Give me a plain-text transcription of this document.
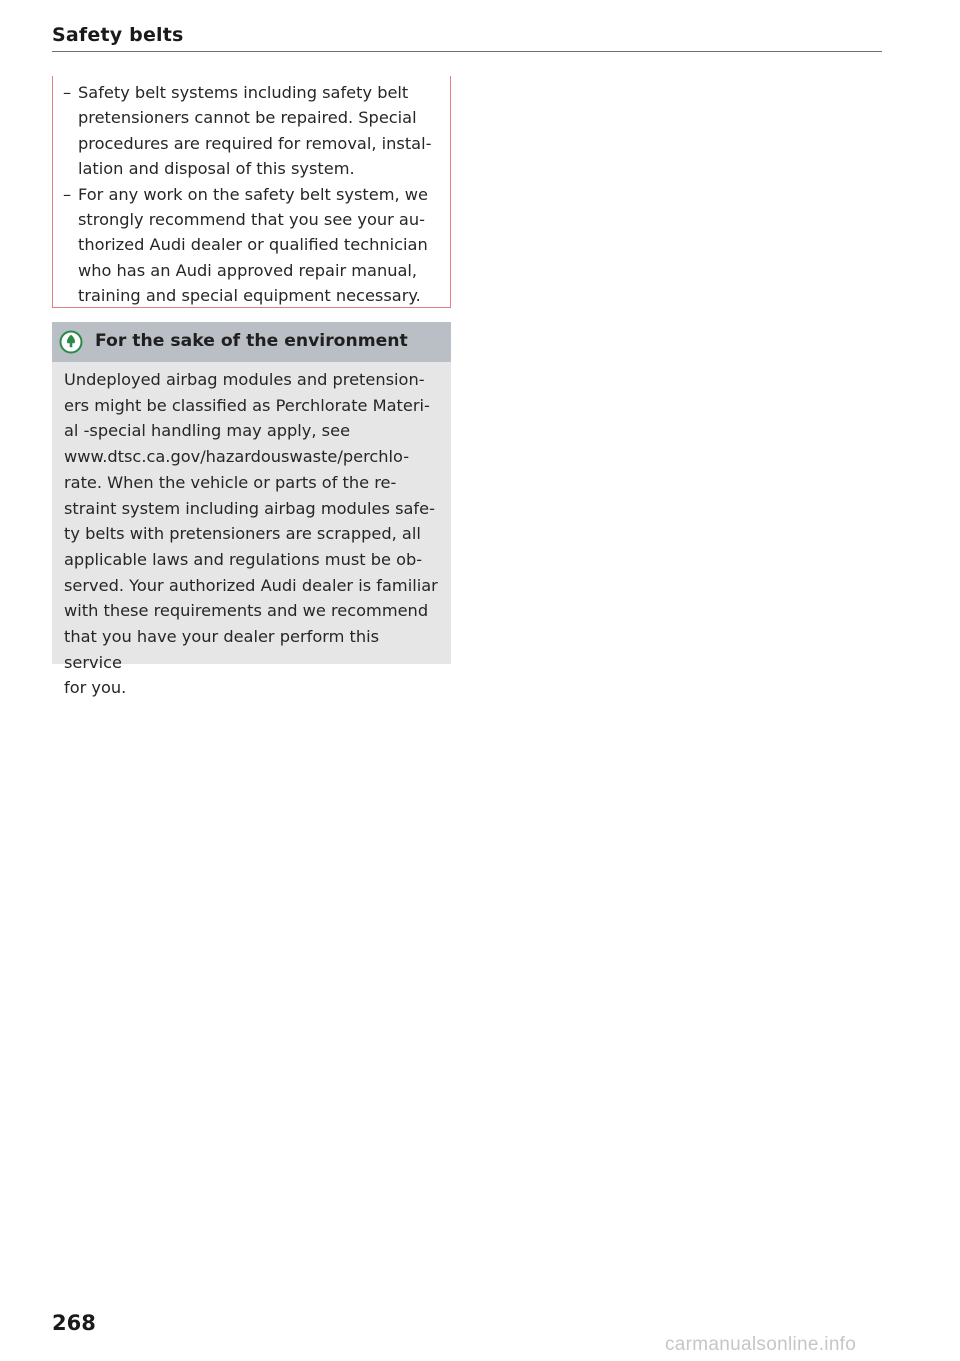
Safety belts

– Safety belt systems including safety belt pretensioners cannot be repaired. Special procedures are required for removal, instal- lation and disposal of this system.

– For any work on the safety belt system, we strongly recommend that you see your au- thorized Audi dealer or qualified technician who has an Audi approved repair manual, training and special equipment necessary.

For the sake of the environment

Undeployed airbag modules and pretension-
ers might be classified as Perchlorate Materi-
al -special handling may apply, see
www.dtsc.ca.gov/hazardouswaste/perchlo-
rate. When the vehicle or parts of the re-
straint system including airbag modules safe-
ty belts with pretensioners are scrapped, all
applicable laws and regulations must be ob-
served. Your authorized Audi dealer is familiar
with these requirements and we recommend
that you have your dealer perform this service
for you.

268
carmanualsonline.info
